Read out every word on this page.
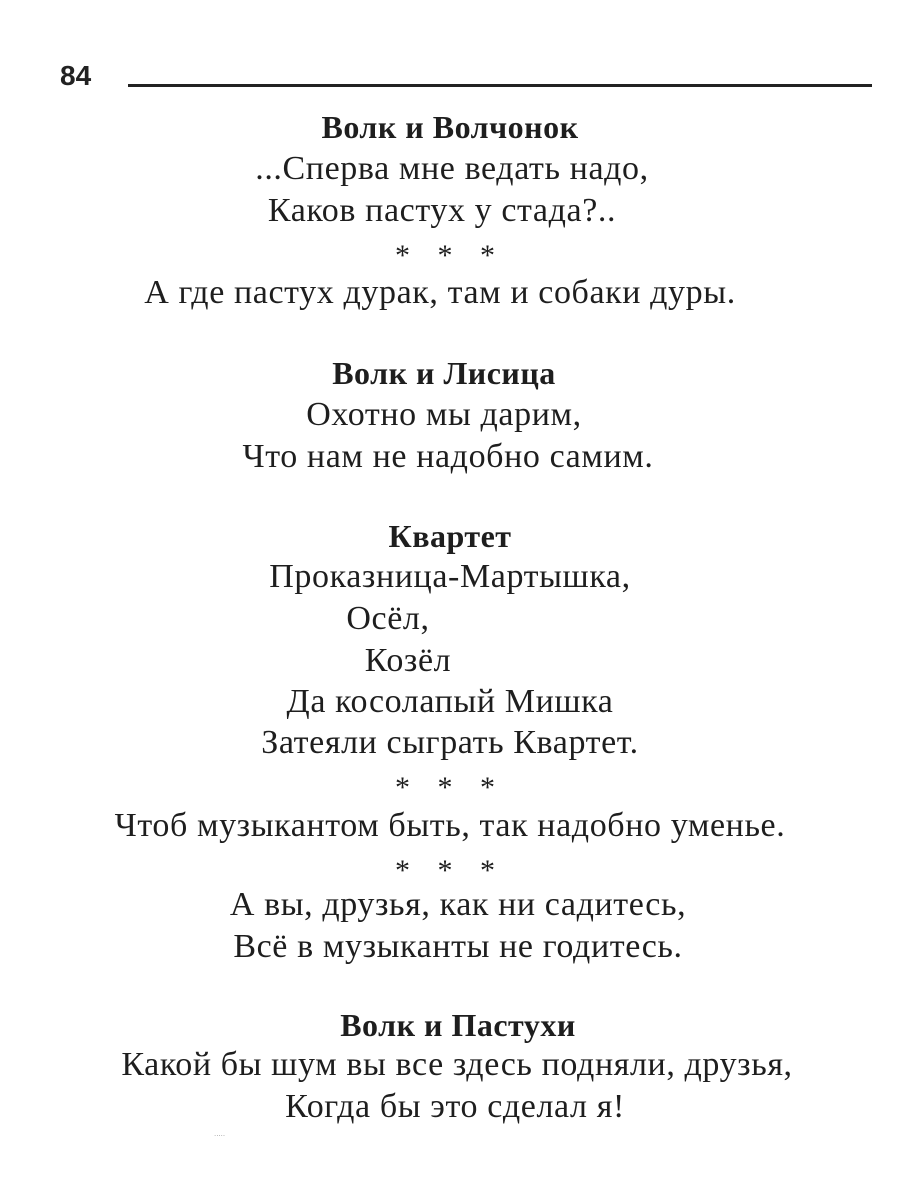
84
Волк и Волчонок
...Сперва мне ведать надо,
Каков пастух у стада?..
* * *
А где пастух дурак, там и собаки дуры.
Волк и Лисица
Охотно мы дарим,
Что нам не надобно самим.
Квартет
Проказница-Мартышка,
Осёл,
Козёл
Да косолапый Мишка
Затеяли сыграть Квартет.
* * *
Чтоб музыкантом быть, так надобно уменье.
* * *
А вы, друзья, как ни садитесь,
Всё в музыканты не годитесь.
Волк и Пастухи
Какой бы шум вы все здесь подняли, друзья,
Когда бы это сделал я!
·····
